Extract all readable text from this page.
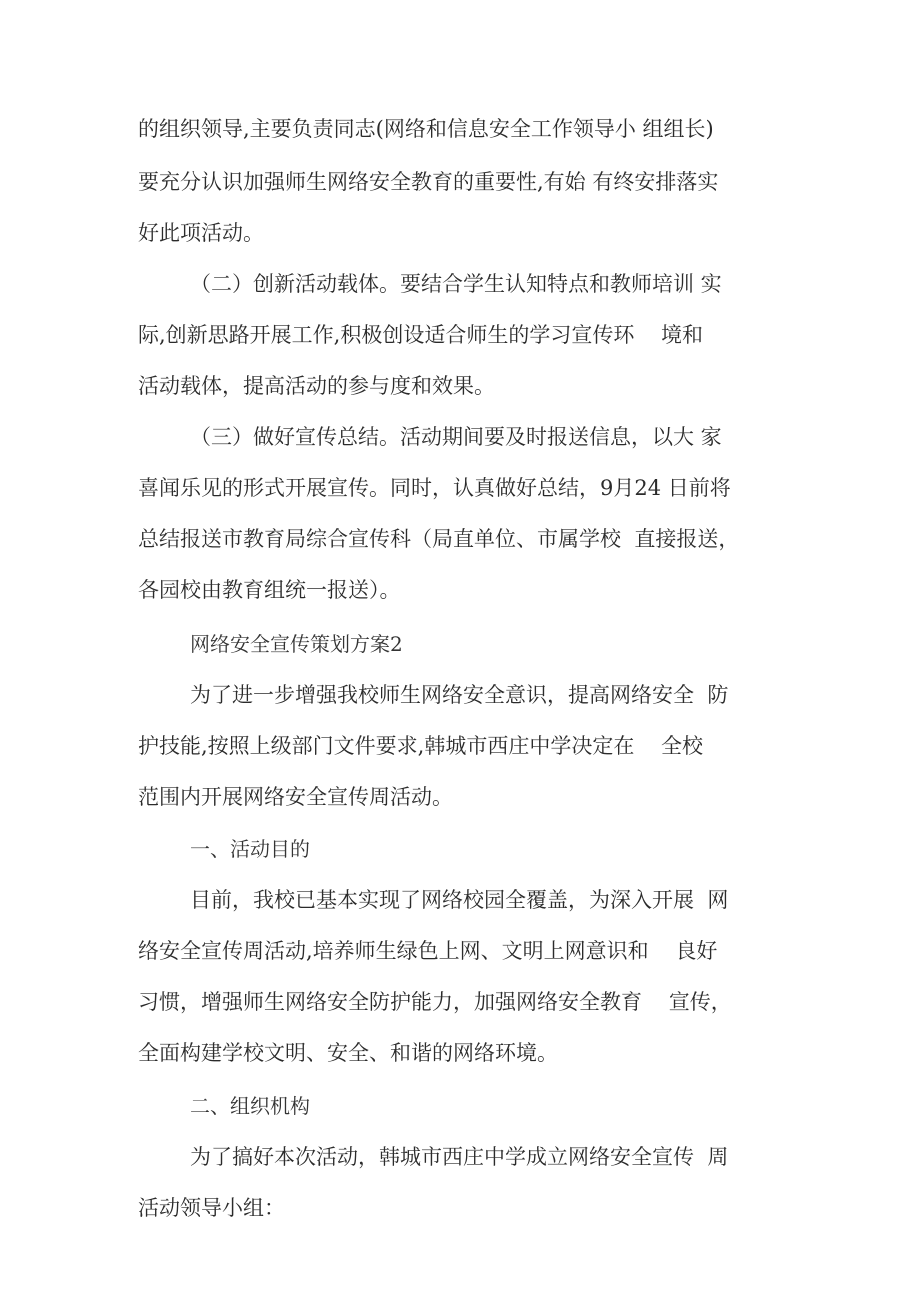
的组织领导,主要负责同志(网络和信息安全工作领导小 组组长)
要充分认识加强师生网络安全教育的重要性,有始 有终安排落实
好此项活动。
（二）创新活动载体。要结合学生认知特点和教师培训 实
际,创新思路开展工作,积极创设适合师生的学习宣传环    境和
活动载体，提高活动的参与度和效果。
（三）做好宣传总结。活动期间要及时报送信息，以大 家
喜闻乐见的形式开展宣传。同时，认真做好总结，9月24 日前将
总结报送市教育局综合宣传科（局直单位、市属学校  直接报送，
各园校由教育组统一报送）。
网络安全宣传策划方案2
为了进一步增强我校师生网络安全意识，提高网络安全  防
护技能,按照上级部门文件要求,韩城市西庄中学决定在    全校
范围内开展网络安全宣传周活动。
一、活动目的
目前，我校已基本实现了网络校园全覆盖，为深入开展  网
络安全宣传周活动,培养师生绿色上网、文明上网意识和    良好
习惯，增强师生网络安全防护能力，加强网络安全教育    宣传，
全面构建学校文明、安全、和谐的网络环境。
二、组织机构
为了搞好本次活动，韩城市西庄中学成立网络安全宣传  周
活动领导小组：
